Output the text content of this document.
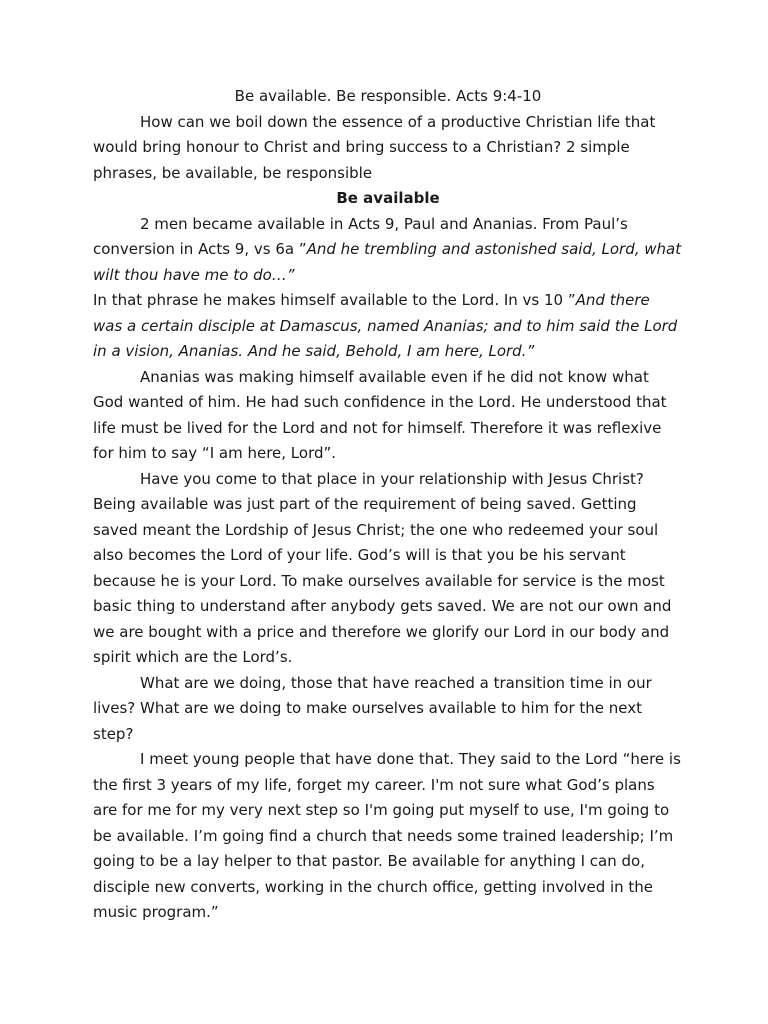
Be available. Be responsible. Acts 9:4-10

How can we boil down the essence of a productive Christian life that would bring honour to Christ and bring success to a Christian? 2 simple phrases, be available, be responsible

Be available

2 men became available in Acts 9, Paul and Ananias. From Paul’s conversion in Acts 9, vs 6a ”And he trembling and astonished said, Lord, what wilt thou have me to do…”

In that phrase he makes himself available to the Lord. In vs 10 ”And there was a certain disciple at Damascus, named Ananias; and to him said the Lord in a vision, Ananias. And he said, Behold, I am here, Lord.”

Ananias was making himself available even if he did not know what God wanted of him. He had such confidence in the Lord. He understood that life must be lived for the Lord and not for himself. Therefore it was reflexive for him to say “I am here, Lord”.

Have you come to that place in your relationship with Jesus Christ? Being available was just part of the requirement of being saved. Getting saved meant the Lordship of Jesus Christ; the one who redeemed your soul also becomes the Lord of your life. God’s will is that you be his servant because he is your Lord. To make ourselves available for service is the most basic thing to understand after anybody gets saved. We are not our own and we are bought with a price and therefore we glorify our Lord in our body and spirit which are the Lord’s.

What are we doing, those that have reached a transition time in our lives? What are we doing to make ourselves available to him for the next step?

I meet young people that have done that. They said to the Lord “here is the first 3 years of my life, forget my career. I'm not sure what God’s plans are for me for my very next step so I'm going put myself to use, I'm going to be available. I’m going find a church that needs some trained leadership; I’m going to be a lay helper to that pastor. Be available for anything I can do, disciple new converts, working in the church office, getting involved in the music program.”
